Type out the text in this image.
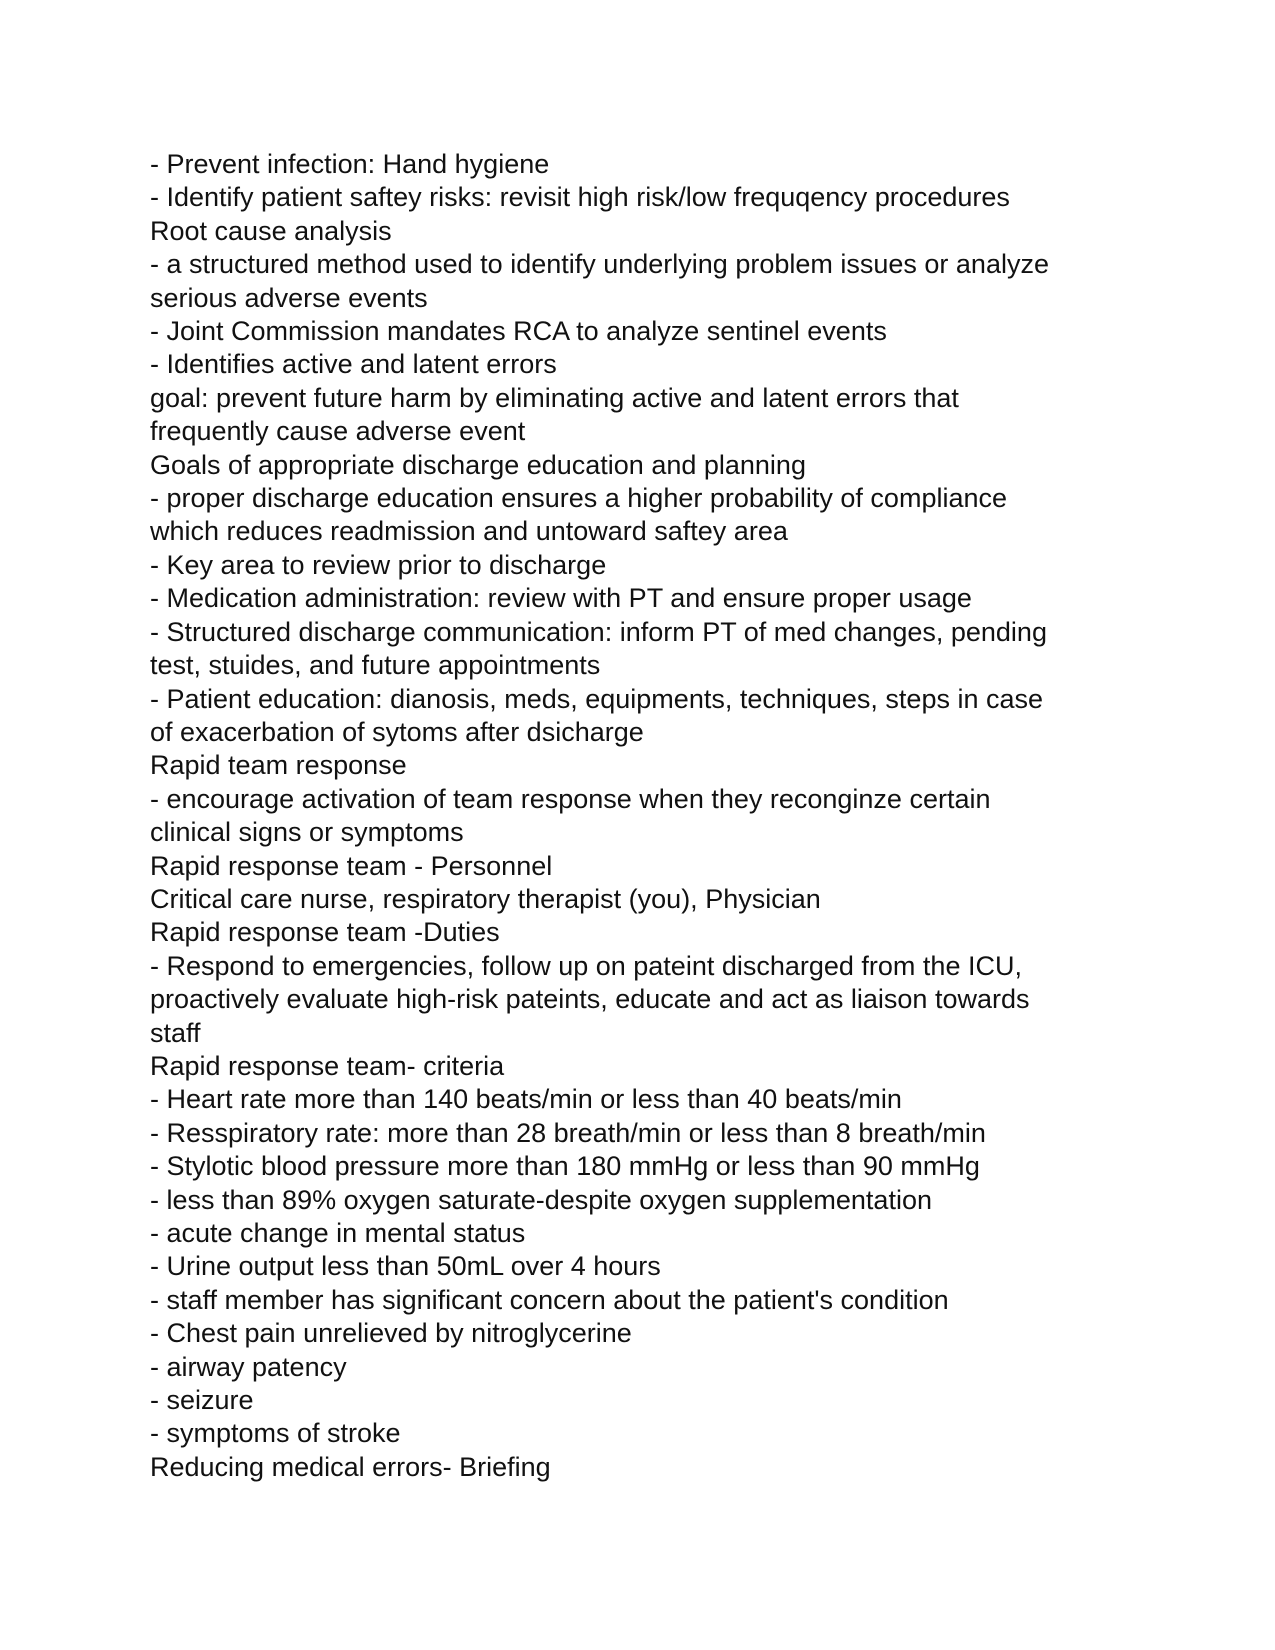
- Prevent infection: Hand hygiene
- Identify patient saftey risks: revisit high risk/low frequqency procedures
Root cause analysis
- a structured method used to identify underlying problem issues or analyze
serious adverse events
- Joint Commission mandates RCA to analyze sentinel events
- Identifies active and latent errors
goal: prevent future harm by eliminating active and latent errors that
frequently cause adverse event
Goals of appropriate discharge education and planning
- proper discharge education ensures a higher probability of compliance
which reduces readmission and untoward saftey area
- Key area to review prior to discharge
- Medication administration: review with PT and ensure proper usage
- Structured discharge communication: inform PT of med changes, pending
test, stuides, and future appointments
- Patient education: dianosis, meds, equipments, techniques, steps in case
of exacerbation of sytoms after dsicharge
Rapid team response
- encourage activation of team response when they reconginze certain
clinical signs or symptoms
Rapid response team - Personnel
Critical care nurse, respiratory therapist (you), Physician
Rapid response team -Duties
- Respond to emergencies, follow up on pateint discharged from the ICU,
proactively evaluate high-risk pateints, educate and act as liaison towards
staff
Rapid response team- criteria
- Heart rate more than 140 beats/min or less than 40 beats/min
- Resspiratory rate: more than 28 breath/min or less than 8 breath/min
- Stylotic blood pressure more than 180 mmHg or less than 90 mmHg
- less than 89% oxygen saturate-despite oxygen supplementation
- acute change in mental status
- Urine output less than 50mL over 4 hours
- staff member has significant concern about the patient's condition
- Chest pain unrelieved by nitroglycerine
- airway patency
- seizure
- symptoms of stroke
Reducing medical errors- Briefing
